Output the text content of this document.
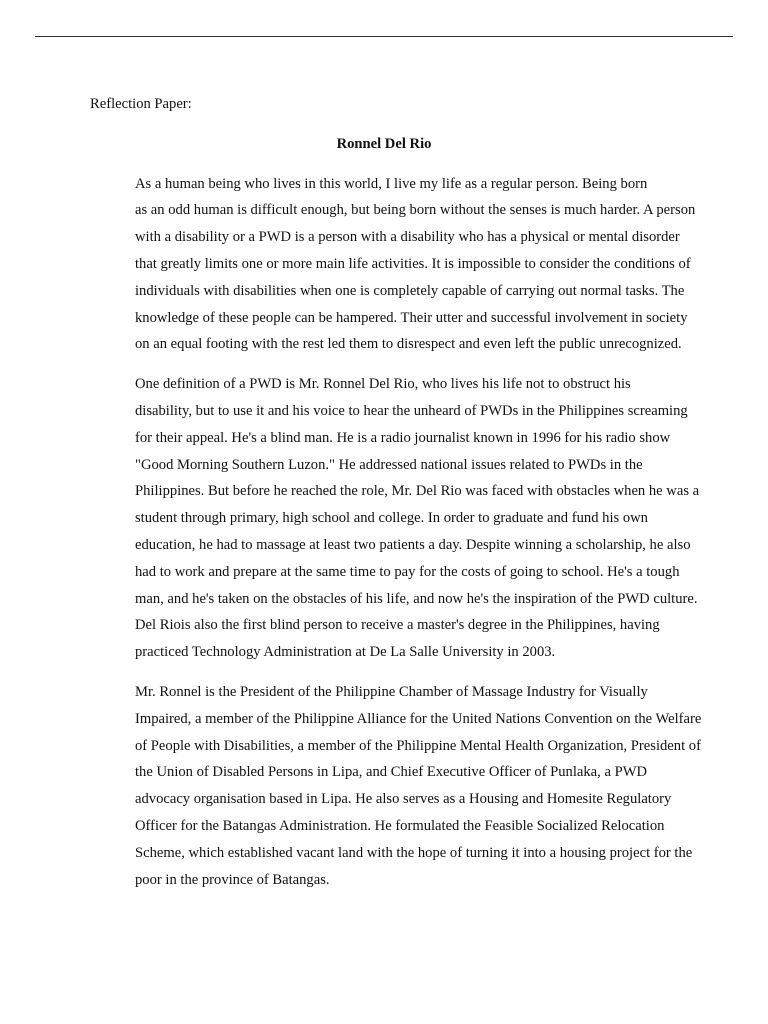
Reflection Paper:

Ronnel Del Rio

As a human being who lives in this world, I live my life as a regular person. Being born
as an odd human is difficult enough, but being born without the senses is much harder. A person
with a disability or a PWD is a person with a disability who has a physical or mental disorder
that greatly limits one or more main life activities. It is impossible to consider the conditions of
individuals with disabilities when one is completely capable of carrying out normal tasks. The
knowledge of these people can be hampered. Their utter and successful involvement in society
on an equal footing with the rest led them to disrespect and even left the public unrecognized.

One definition of a PWD is Mr. Ronnel Del Rio, who lives his life not to obstruct his
disability, but to use it and his voice to hear the unheard of PWDs in the Philippines screaming
for their appeal. He's a blind man. He is a radio journalist known in 1996 for his radio show
"Good Morning Southern Luzon." He addressed national issues related to PWDs in the
Philippines. But before he reached the role, Mr. Del Rio was faced with obstacles when he was a
student through primary, high school and college. In order to graduate and fund his own
education, he had to massage at least two patients a day. Despite winning a scholarship, he also
had to work and prepare at the same time to pay for the costs of going to school. He's a tough
man, and he's taken on the obstacles of his life, and now he's the inspiration of the PWD culture.
Del Riois also the first blind person to receive a master's degree in the Philippines, having
practiced Technology Administration at De La Salle University in 2003.

Mr. Ronnel is the President of the Philippine Chamber of Massage Industry for Visually
Impaired, a member of the Philippine Alliance for the United Nations Convention on the Welfare
of People with Disabilities, a member of the Philippine Mental Health Organization, President of
the Union of Disabled Persons in Lipa, and Chief Executive Officer of Punlaka, a PWD
advocacy organisation based in Lipa. He also serves as a Housing and Homesite Regulatory
Officer for the Batangas Administration. He formulated the Feasible Socialized Relocation
Scheme, which established vacant land with the hope of turning it into a housing project for the
poor in the province of Batangas.
